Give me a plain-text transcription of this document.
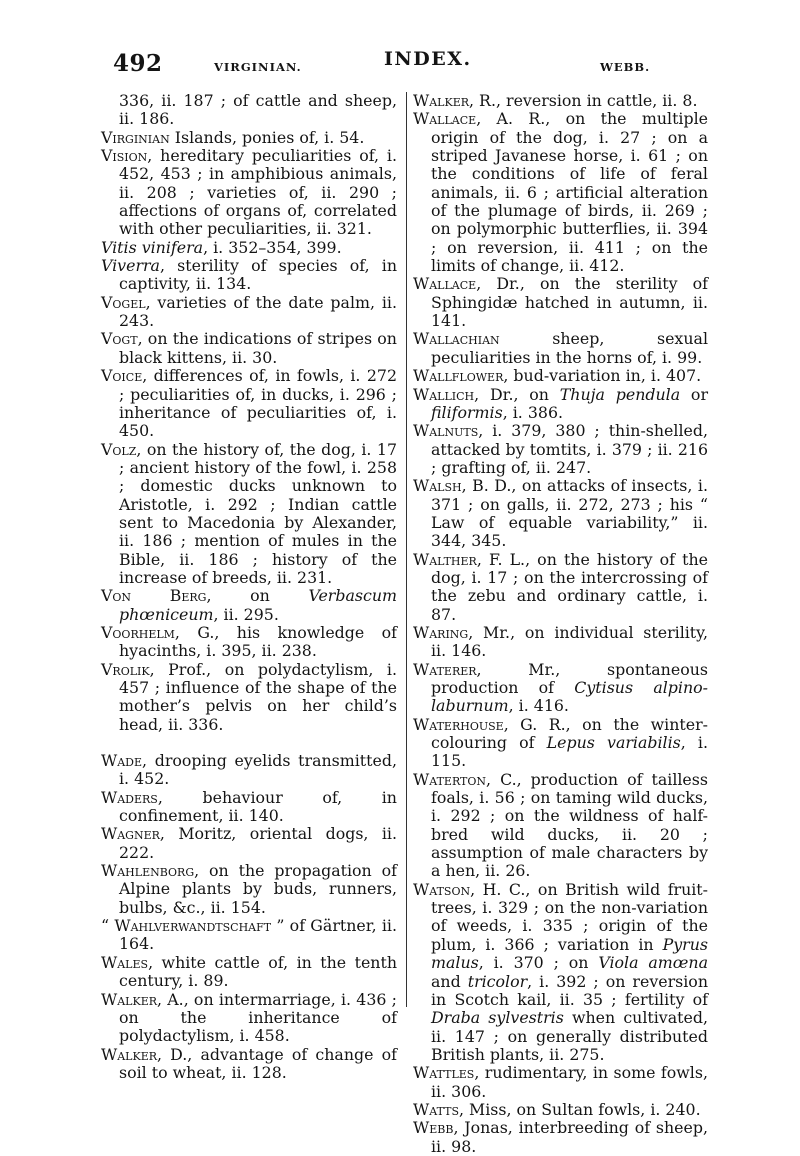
492	VIRGINIAN.	INDEX.	WEBB.

336, ii. 187 ; of cattle and sheep, ii. 186.

Virginian Islands, ponies of, i. 54.

Vision, hereditary peculiarities of, i. 452, 453 ; in amphibious animals, ii. 208 ; varieties of, ii. 290 ; affections of organs of, correlated with other peculiarities, ii. 321.

Vitis vinifera, i. 352–354, 399.

Viverra, sterility of species of, in captivity, ii. 134.

Vogel, varieties of the date palm, ii. 243.

Vogt, on the indications of stripes on black kittens, ii. 30.

Voice, differences of, in fowls, i. 272 ; peculiarities of, in ducks, i. 296 ; inheritance of peculiarities of, i. 450.

Volz, on the history of, the dog, i. 17 ; ancient history of the fowl, i. 258 ; domestic ducks unknown to Aristotle, i. 292 ; Indian cattle sent to Macedonia by Alexander, ii. 186 ; mention of mules in the Bible, ii. 186 ; history of the increase of breeds, ii. 231.

Von Berg, on Verbascum phœniceum, ii. 295.

Voorhelm, G., his knowledge of hyacinths, i. 395, ii. 238.

Vrolik, Prof., on polydactylism, i. 457 ; influence of the shape of the mother’s pelvis on her child’s head, ii. 336.

Wade, drooping eyelids transmitted, i. 452.

Waders, behaviour of, in confinement, ii. 140.

Wagner, Moritz, oriental dogs, ii. 222.

Wahlenborg, on the propagation of Alpine plants by buds, runners, bulbs, &c., ii. 154.

“ Wahlverwandtschaft ” of Gärtner, ii. 164.

Wales, white cattle of, in the tenth century, i. 89.

Walker, A., on intermarriage, i. 436 ; on the inheritance of polydactylism, i. 458.

Walker, D., advantage of change of soil to wheat, ii. 128.

Walker, R., reversion in cattle, ii. 8.

Wallace, A. R., on the multiple origin of the dog, i. 27 ; on a striped Javanese horse, i. 61 ; on the conditions of life of feral animals, ii. 6 ; artificial alteration of the plumage of birds, ii. 269 ; on polymorphic butterflies, ii. 394 ; on reversion, ii. 411 ; on the limits of change, ii. 412.

Wallace, Dr., on the sterility of Sphingidæ hatched in autumn, ii. 141.

Wallachian sheep, sexual peculiarities in the horns of, i. 99.

Wallflower, bud-variation in, i. 407.

Wallich, Dr., on Thuja pendula or filiformis, i. 386.

Walnuts, i. 379, 380 ; thin-shelled, attacked by tomtits, i. 379 ; ii. 216 ; grafting of, ii. 247.

Walsh, B. D., on attacks of insects, i. 371 ; on galls, ii. 272, 273 ; his “ Law of equable variability,” ii. 344, 345.

Walther, F. L., on the history of the dog, i. 17 ; on the intercrossing of the zebu and ordinary cattle, i. 87.

Waring, Mr., on individual sterility, ii. 146.

Waterer, Mr., spontaneous production of Cytisus alpino-laburnum, i. 416.

Waterhouse, G. R., on the winter-colouring of Lepus variabilis, i. 115.

Waterton, C., production of tailless foals, i. 56 ; on taming wild ducks, i. 292 ; on the wildness of half-bred wild ducks, ii. 20 ; assumption of male characters by a hen, ii. 26.

Watson, H. C., on British wild fruit-trees, i. 329 ; on the non-variation of weeds, i. 335 ; origin of the plum, i. 366 ; variation in Pyrus malus, i. 370 ; on Viola amœna and tricolor, i. 392 ; on reversion in Scotch kail, ii. 35 ; fertility of Draba sylvestris when cultivated, ii. 147 ; on generally distributed British plants, ii. 275.

Wattles, rudimentary, in some fowls, ii. 306.

Watts, Miss, on Sultan fowls, i. 240.

Webb, Jonas, interbreeding of sheep, ii. 98.
